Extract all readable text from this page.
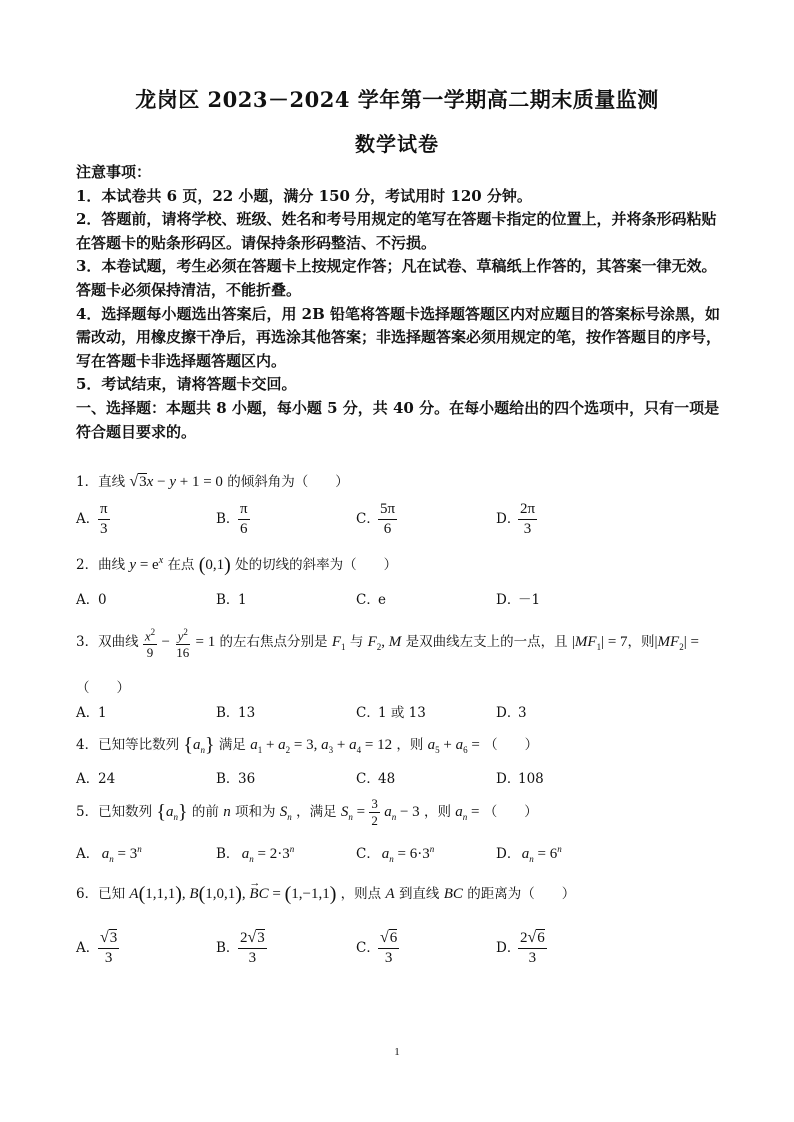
龙岗区 2023－2024 学年第一学期高二期末质量监测
数学试卷
注意事项：
1．本试卷共 6 页，22 小题，满分 150 分，考试用时 120 分钟。
2．答题前，请将学校、班级、姓名和考号用规定的笔写在答题卡指定的位置上，并将条形码粘贴在答题卡的贴条形码区。请保持条形码整洁、不污损。
3．本卷试题，考生必须在答题卡上按规定作答；凡在试卷、草稿纸上作答的，其答案一律无效。答题卡必须保持清洁，不能折叠。
4．选择题每小题选出答案后，用 2B 铅笔将答题卡选择题答题区内对应题目的答案标号涂黑，如需改动，用橡皮擦干净后，再选涂其他答案；非选择题答案必须用规定的笔，按作答题目的序号，写在答题卡非选择题答题区内。
5．考试结束，请将答题卡交回。
一、选择题：本题共 8 小题，每小题 5 分，共 40 分。在每小题给出的四个选项中，只有一项是符合题目要求的。
1．直线 √3x − y + 1 = 0 的倾斜角为（　　）
A．
$\frac{\pi}{3}$	B．
$\frac{\pi}{6}$	C．
$\frac{5\pi}{6}$	D．
$\frac{2\pi}{3}$
2．曲线 $y = e^x$ 在点 (0,1) 处的切线的斜率为（　　）
A．0	B．1	C．e	D．－1
3．双曲线 $\frac{x^2}{9} - \frac{y^2}{16} = 1$ 的左右焦点分别是 $F_1$ 与 $F_2$, M 是双曲线左支上的一点，且 $|MF_1| = 7$，则$|MF_2|$ =
（　　）
A．1	B．13	C．1 或 13	D．3
4．已知等比数列 $\{a_n\}$ 满足 $a_1 + a_2 = 3$, $a_3 + a_4 = 12$ ，则 $a_5 + a_6$ = （　　）
A．24	B．36	C．48	D．108
5．已知数列 $\{a_n\}$ 的前 n 项和为 $S_n$ ，满足 $S_n = \frac{3}{2} a_n - 3$ ，则 $a_n$ = （　　）
A． $a_n = 3^n$	B． $a_n = 2\cdot 3^n$	C． $a_n = 6\cdot 3^n$	D． $a_n = 6^n$
6．已知 A(1,1,1), B(1,0,1),
→
BC = (1,−1,1) ，则点 A 到直线 BC 的距离为（　　）
A．
$\frac{√3}{3}$	B．
$\frac{2√3}{3}$	C．
$\frac{√6}{3}$	D．
$\frac{2√6}{3}$
1
